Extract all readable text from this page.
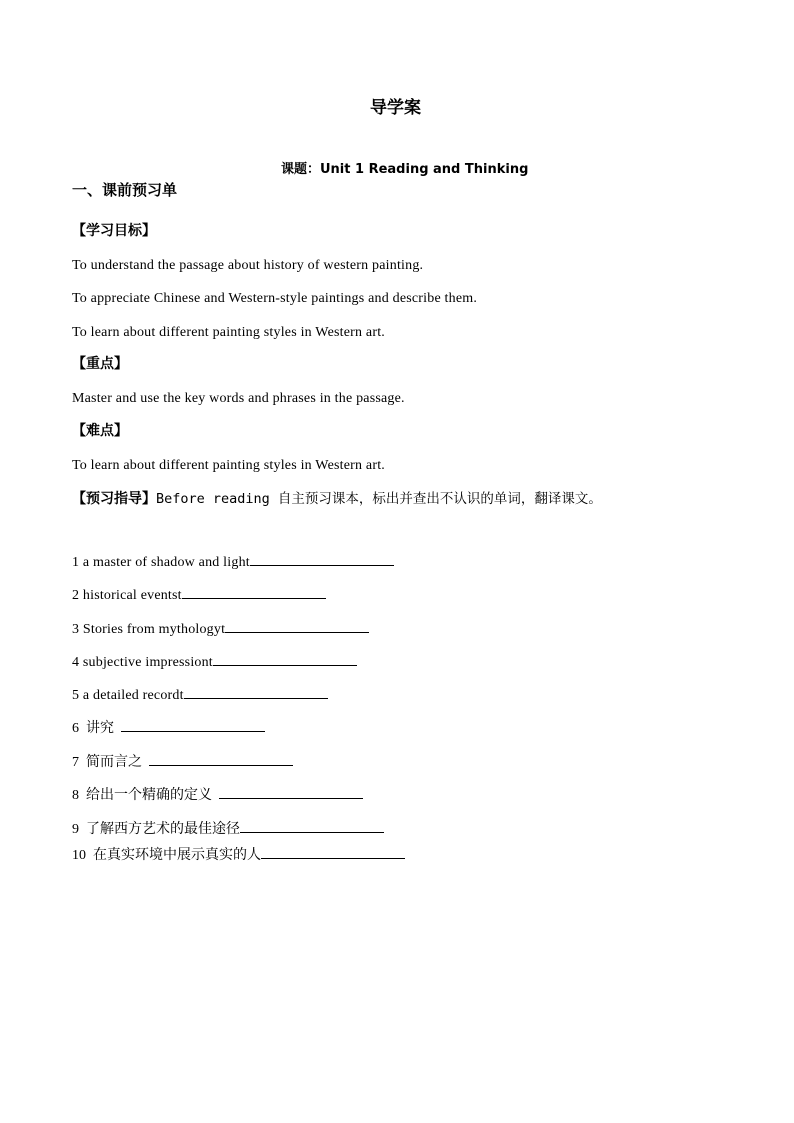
导学案
课题：Unit 1 Reading and Thinking
一、课前预习单
【学习目标】
To understand the passage about history of western painting.
To appreciate Chinese and Western-style paintings and describe them.
To learn about different painting styles in Western art.
【重点】
Master and use the key words and phrases in the passage.
【难点】
To learn about different painting styles in Western art.
【预习指导】Before reading 自主预习课本，标出并查出不认识的单词，翻译课文。
1 a master of shadow and light
2 historical eventst
3 Stories from mythologyt
4 subjective impressiont
5 a detailed recordt
6 讲究
7 简而言之
8 给出一个精确的定义
9 了解西方艺术的最佳途径
10 在真实环境中展示真实的人
